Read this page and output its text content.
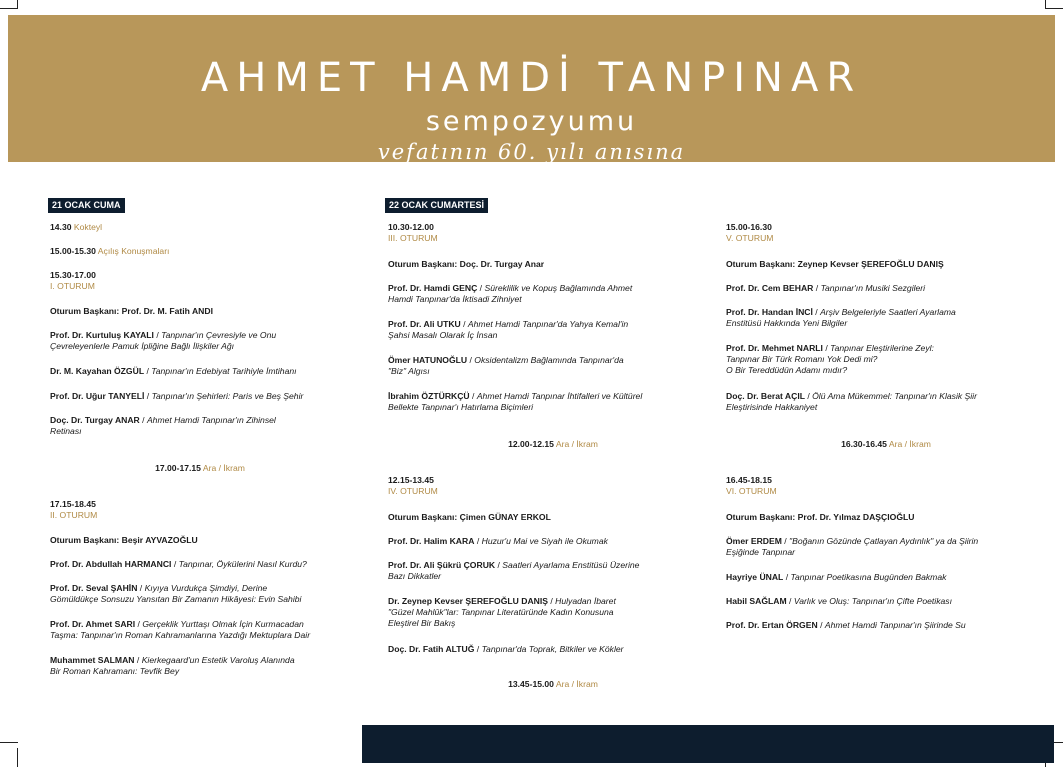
AHMET HAMDİ TANPINAR
sempozyumu
vefatının 60. yılı anısına
21 OCAK CUMA	22 OCAK CUMARTESİ
14.30 Kokteyl
15.00-15.30 Açılış Konuşmaları
15.30-17.00
I. OTURUM
Oturum Başkanı: Prof. Dr. M. Fatih ANDI
Prof. Dr. Kurtuluş KAYALI / Tanpınar'ın Çevresiyle ve Onu
Çevreleyenlerle Pamuk İpliğine Bağlı İlişkiler Ağı
Dr. M. Kayahan ÖZGÜL / Tanpınar'ın Edebiyat Tarihiyle İmtihanı
Prof. Dr. Uğur TANYELİ / Tanpınar'ın Şehirleri: Paris ve Beş Şehir
Doç. Dr. Turgay ANAR / Ahmet Hamdi Tanpınar'ın Zihinsel
Retinası
17.00-17.15 Ara / İkram
17.15-18.45
II. OTURUM
Oturum Başkanı: Beşir AYVAZOĞLU
Prof. Dr. Abdullah HARMANCI / Tanpınar, Öykülerini Nasıl Kurdu?
Prof. Dr. Seval ŞAHİN / Kıyıya Vurdukça Şimdiyi, Derine
Gömüldükçe Sonsuzu Yansıtan Bir Zamanın Hikâyesi: Evin Sahibi
Prof. Dr. Ahmet SARI / Gerçeklik Yurttaşı Olmak İçin Kurmacadan
Taşma: Tanpınar'ın Roman Kahramanlarına Yazdığı Mektuplara Dair
Muhammet SALMAN / Kierkegaard'un Estetik Varoluş Alanında
Bir Roman Kahramanı: Tevfik Bey
10.30-12.00
III. OTURUM
Oturum Başkanı: Doç. Dr. Turgay Anar
Prof. Dr. Hamdi GENÇ / Süreklilik ve Kopuş Bağlamında Ahmet
Hamdi Tanpınar'da İktisadi Zihniyet
Prof. Dr. Ali UTKU / Ahmet Hamdi Tanpınar'da Yahya Kemal'in
Şahsi Masalı Olarak İç İnsan
Ömer HATUNOĞLU / Oksidentalizm Bağlamında Tanpınar'da
"Biz" Algısı
İbrahim ÖZTÜRKÇÜ / Ahmet Hamdi Tanpınar İhtifalleri ve Kültürel
Bellekte Tanpınar'ı Hatırlama Biçimleri
12.00-12.15 Ara / İkram
12.15-13.45
IV. OTURUM
Oturum Başkanı: Çimen GÜNAY ERKOL
Prof. Dr. Halim KARA / Huzur'u Mai ve Siyah ile Okumak
Prof. Dr. Ali Şükrü ÇORUK / Saatleri Ayarlama Enstitüsü Üzerine
Bazı Dikkatler
Dr. Zeynep Kevser ŞEREFOĞLU DANIŞ / Hulyadan İbaret
"Güzel Mahlûk"lar: Tanpınar Literatüründe Kadın Konusuna
Eleştirel Bir Bakış
Doç. Dr. Fatih ALTUĞ / Tanpınar'da Toprak, Bitkiler ve Kökler
13.45-15.00 Ara / İkram
15.00-16.30
V. OTURUM
Oturum Başkanı: Zeynep Kevser ŞEREFOĞLU DANIŞ
Prof. Dr. Cem BEHAR / Tanpınar'ın Musiki Sezgileri
Prof. Dr. Handan İNCİ / Arşiv Belgeleriyle Saatleri Ayarlama
Enstitüsü Hakkında Yeni Bilgiler
Prof. Dr. Mehmet NARLI / Tanpınar Eleştirilerine Zeyl:
Tanpınar Bir Türk Romanı Yok Dedi mi?
O Bir Tereddüdün Adamı mıdır?
Doç. Dr. Berat AÇIL / Ölü Ama Mükemmel: Tanpınar'ın Klasik Şiir
Eleştirisinde Hakkaniyet
16.30-16.45 Ara / İkram
16.45-18.15
VI. OTURUM
Oturum Başkanı: Prof. Dr. Yılmaz DAŞÇIOĞLU
Ömer ERDEM / "Boğanın Gözünde Çatlayan Aydınlık" ya da Şiirin
Eşiğinde Tanpınar
Hayriye ÜNAL / Tanpınar Poetikasına Bugünden Bakmak
Habil SAĞLAM / Varlık ve Oluş: Tanpınar'ın Çifte Poetikası
Prof. Dr. Ertan ÖRGEN / Ahmet Hamdi Tanpınar'ın Şiirinde Su
